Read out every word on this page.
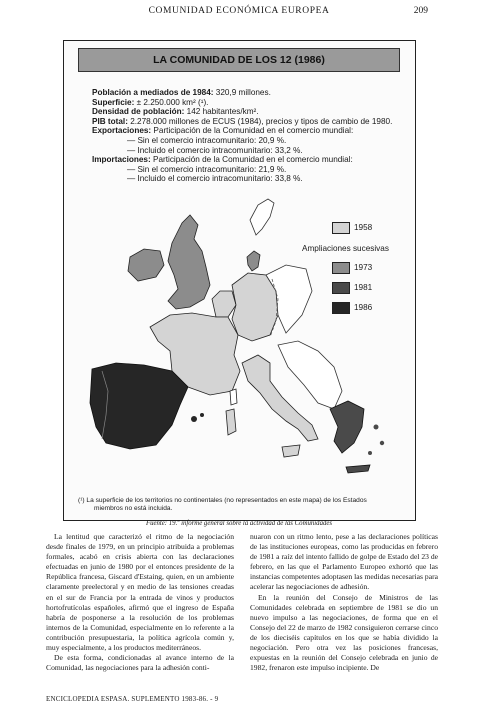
COMUNIDAD ECONÓMICA EUROPEA	209
LA COMUNIDAD DE LOS 12 (1986)
Población a mediados de 1984: 320,9 millones.
Superficie: ± 2.250.000 km² (¹).
Densidad de población: 142 habitantes/km².
PIB total: 2.278.000 millones de ECUS (1984), precios y tipos de cambio de 1980.
Exportaciones: Participación de la Comunidad en el comercio mundial:
— Sin el comercio intracomunitario: 20,9 %.
— Incluido el comercio intracomunitario: 33,2 %.
Importaciones: Participación de la Comunidad en el comercio mundial:
— Sin el comercio intracomunitario: 21,9 %.
— Incluido el comercio intracomunitario: 33,8 %.
1958
Ampliaciones sucesivas
1973
1981
1986
(¹) La superficie de los territorios no continentales (no representados en este mapa) de los Estados
miembros no está incluida.
Fuente: 19.º informe general sobre la actividad de las Comunidades

La lentitud que caracterizó el ritmo de la negociación desde finales de 1979, en un principio atribuida a problemas formales, acabó en crisis abierta con las declaraciones efectuadas en junio de 1980 por el entonces presidente de la República francesa, Giscard d'Estaing, quien, en un ambiente claramente preelectoral y en medio de las tensiones creadas en el sur de Francia por la entrada de vinos y productos hortofrutícolas españoles, afirmó que el ingreso de España habría de posponerse a la resolución de los problemas internos de la Comunidad, especialmente en lo referente a la contribución presupuestaria, la política agrícola común y, muy especialmente, a los productos mediterráneos.

De esta forma, condicionadas al avance interno de la Comunidad, las negociaciones para la adhesión conti-

nuaron con un ritmo lento, pese a las declaraciones políticas de las instituciones europeas, como las producidas en febrero de 1981 a raíz del intento fallido de golpe de Estado del 23 de febrero, en las que el Parlamento Europeo exhortó que las instancias competentes adoptasen las medidas necesarias para acelerar las negociaciones de adhesión.

En la reunión del Consejo de Ministros de las Comunidades celebrada en septiembre de 1981 se dio un nuevo impulso a las negociaciones, de forma que en el Consejo del 22 de marzo de 1982 consiguieron cerrarse cinco de los dieciséis capítulos en los que se había dividido la negociación. Pero otra vez las posiciones francesas, expuestas en la reunión del Consejo celebrada en junio de 1982, frenaron este impulso incipiente. De

ENCICLOPEDIA ESPASA. SUPLEMENTO 1983-86. - 9
